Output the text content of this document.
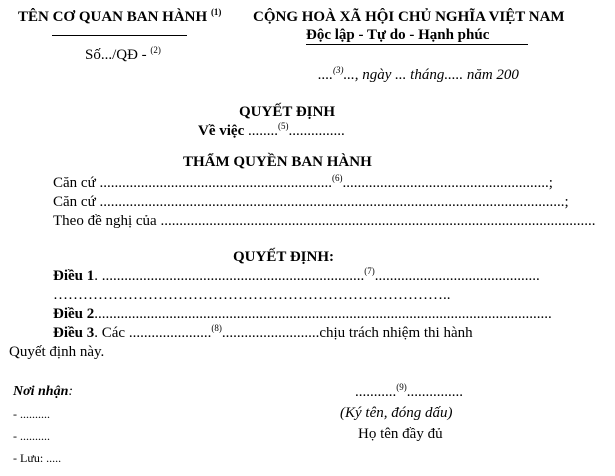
TÊN CƠ QUAN BAN HÀNH $^{(1)}$
Số.../QĐ - $^{(2)}$
CỘNG HOÀ XÃ HỘI CHỦ NGHĨA VIỆT NAM
Độc lập - Tự do - Hạnh phúc
....$^{(3)}$..., ngày ... tháng..... năm 200
QUYẾT ĐỊNH
Về việc ........$^{(5)}$...............
THẨM QUYỀN BAN HÀNH
Căn cứ ..............................................................$^{(6)}$.......................................................;
Căn cứ ............................................................................................................................;
Theo đề nghị của ....................................................................................................................
QUYẾT ĐỊNH:
Điều 1. ......................................................................$^{(7)}$............................................
……………………………………………………………………..
Điều 2..........................................................................................................................
Điều 3. Các ......................$^{(8)}$..........................chịu trách nhiệm thi hành
Quyết định này.
Nơi nhận:
- ..........
- ..........
- Lưu: .....
...........$^{(9)}$...............
(Ký tên, đóng dấu)
Họ tên đầy đủ
